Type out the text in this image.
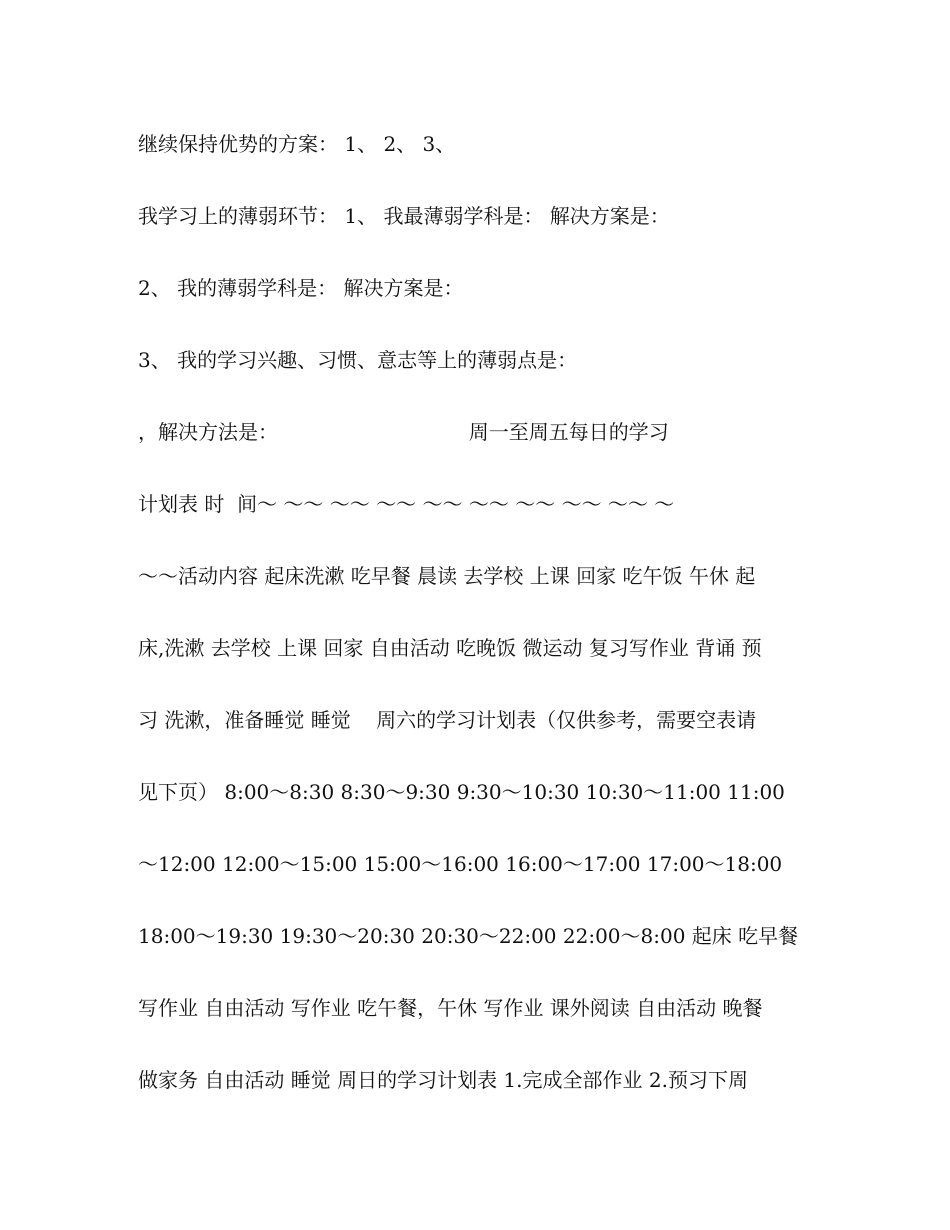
继续保持优势的方案： 1、 2、 3、
我学习上的薄弱环节： 1、 我最薄弱学科是： 解决方案是：
2、 我的薄弱学科是： 解决方案是：
3、 我的学习兴趣、习惯、意志等上的薄弱点是：
，解决方法是：                              周一至周五每日的学习
计划表 时  间～ ～～ ～～ ～～ ～～ ～～ ～～ ～～ ～～ ～
～～活动内容 起床洗漱 吃早餐 晨读 去学校 上课 回家 吃午饭 午休 起
床,洗漱 去学校 上课 回家 自由活动 吃晚饭 微运动 复习写作业 背诵 预
习 洗漱，准备睡觉 睡觉    周六的学习计划表（仅供参考，需要空表请
见下页） 8:00～8:30 8:30～9:30 9:30～10:30 10:30～11:00 11:00
～12:00 12:00～15:00 15:00～16:00 16:00～17:00 17:00～18:00
18:00～19:30 19:30～20:30 20:30～22:00 22:00～8:00 起床 吃早餐
写作业 自由活动 写作业 吃午餐，午休 写作业 课外阅读 自由活动 晚餐
做家务 自由活动 睡觉 周日的学习计划表 1.完成全部作业 2.预习下周
